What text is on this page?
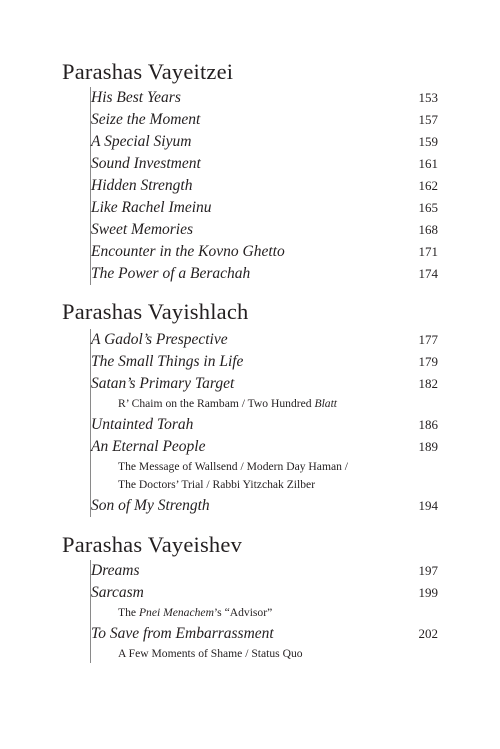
Parashas Vayeitzei
His Best Years	153
Seize the Moment	157
A Special Siyum	159
Sound Investment	161
Hidden Strength	162
Like Rachel Imeinu	165
Sweet Memories	168
Encounter in the Kovno Ghetto	171
The Power of a Berachah	174
Parashas Vayishlach
A Gadol’s Prespective	177
The Small Things in Life	179
Satan’s Primary Target	182
R’ Chaim on the Rambam / Two Hundred Blatt
Untainted Torah	186
An Eternal People	189
The Message of Wallsend / Modern Day Haman /
The Doctors’ Trial / Rabbi Yitzchak Zilber
Son of My Strength	194
Parashas Vayeishev
Dreams	197
Sarcasm	199
The Pnei Menachem’s “Advisor”
To Save from Embarrassment	202
A Few Moments of Shame / Status Quo
